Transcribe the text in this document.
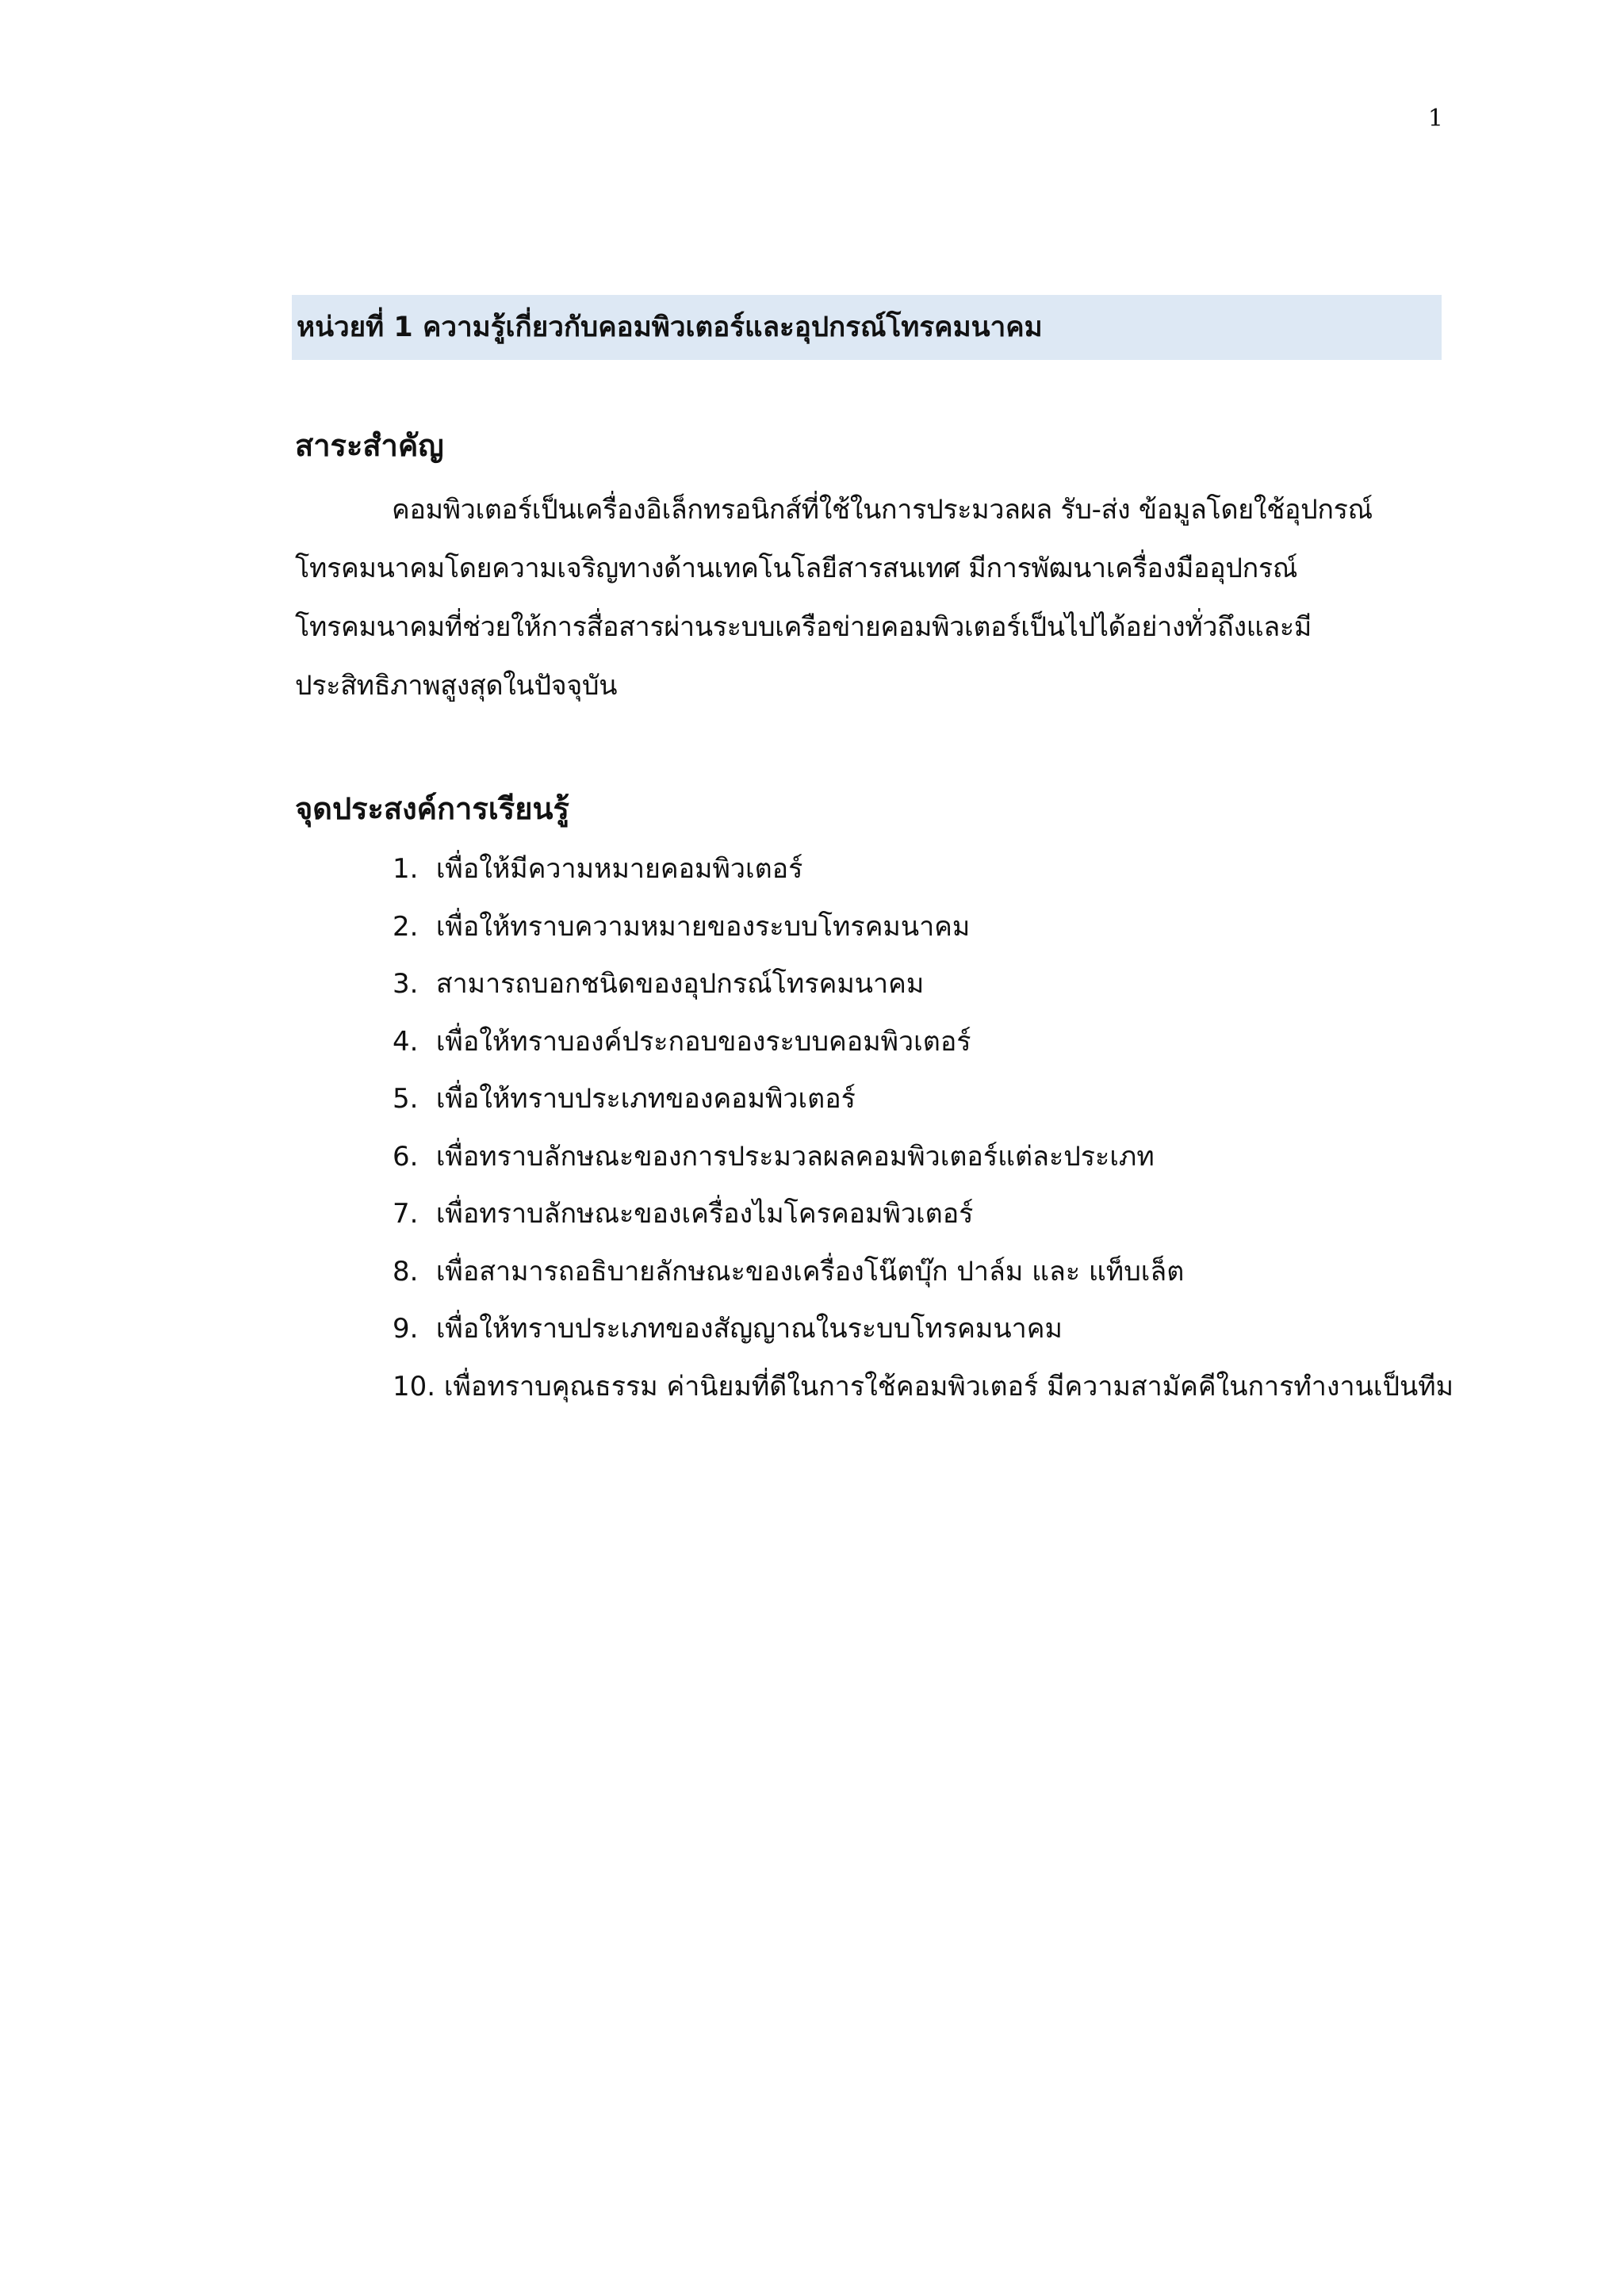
1
หน่วยที่ 1 ความรู้เกี่ยวกับคอมพิวเตอร์และอุปกรณ์โทรคมนาคม
สาระสำคัญ

คอมพิวเตอร์เป็นเครื่องอิเล็กทรอนิกส์ที่ใช้ในการประมวลผล รับ-ส่ง ข้อมูลโดยใช้อุปกรณ์โทรคมนาคมโดยความเจริญทางด้านเทคโนโลยีสารสนเทศ มีการพัฒนาเครื่องมืออุปกรณ์โทรคมนาคมที่ช่วยให้การสื่อสารผ่านระบบเครือข่ายคอมพิวเตอร์เป็นไปได้อย่างทั่วถึงและมีประสิทธิภาพสูงสุดในปัจจุบัน

จุดประสงค์การเรียนรู้
1. เพื่อให้มีความหมายคอมพิวเตอร์
2. เพื่อให้ทราบความหมายของระบบโทรคมนาคม
3. สามารถบอกชนิดของอุปกรณ์โทรคมนาคม
4. เพื่อให้ทราบองค์ประกอบของระบบคอมพิวเตอร์
5. เพื่อให้ทราบประเภทของคอมพิวเตอร์
6. เพื่อทราบลักษณะของการประมวลผลคอมพิวเตอร์แต่ละประเภท
7. เพื่อทราบลักษณะของเครื่องไมโครคอมพิวเตอร์
8. เพื่อสามารถอธิบายลักษณะของเครื่องโน๊ตบุ๊ก ปาล์ม และ แท็บเล็ต
9. เพื่อให้ทราบประเภทของสัญญาณในระบบโทรคมนาคม
10. เพื่อทราบคุณธรรม ค่านิยมที่ดีในการใช้คอมพิวเตอร์ มีความสามัคคีในการทำงานเป็นทีม
